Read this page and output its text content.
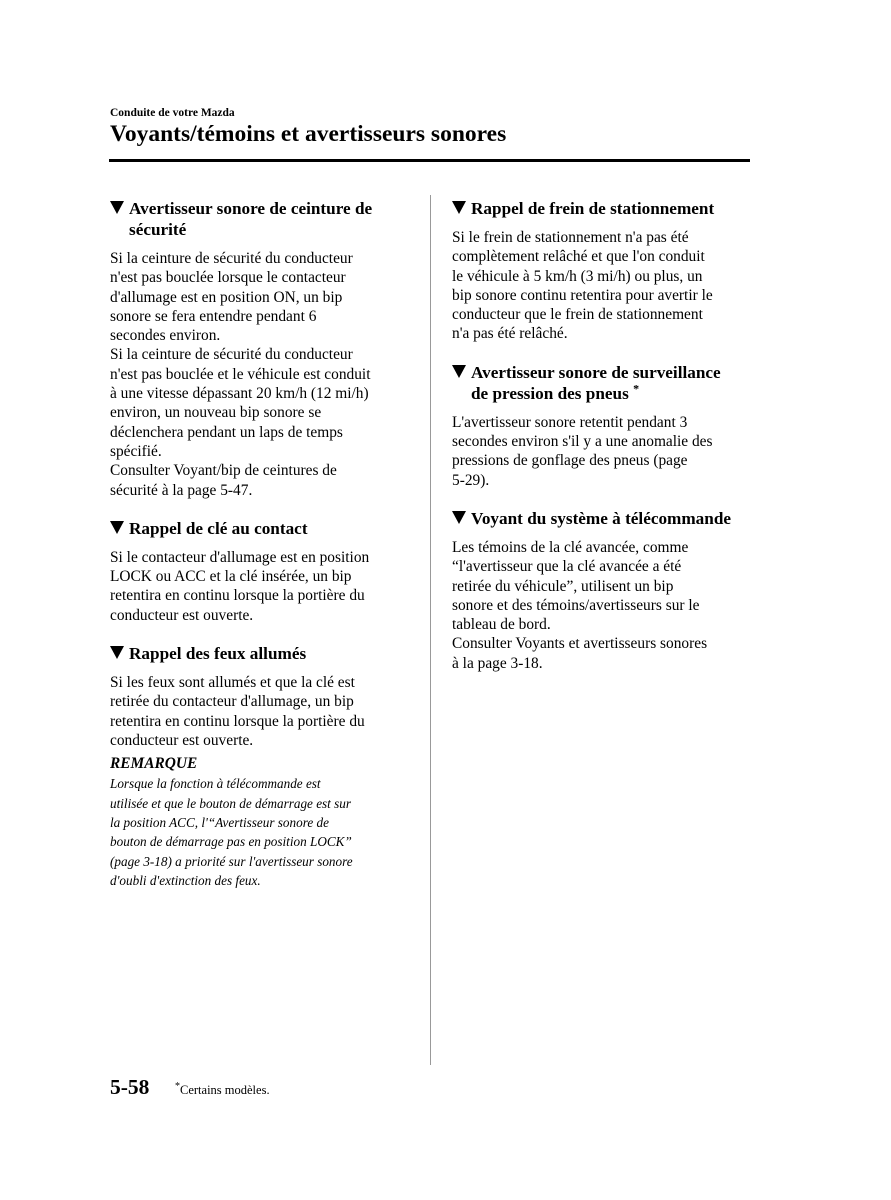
Conduite de votre Mazda

Voyants/témoins et avertisseurs sonores
Avertisseur sonore de ceinture de
sécurité

Si la ceinture de sécurité du conducteur
n'est pas bouclée lorsque le contacteur
d'allumage est en position ON, un bip
sonore se fera entendre pendant 6
secondes environ.
Si la ceinture de sécurité du conducteur
n'est pas bouclée et le véhicule est conduit
à une vitesse dépassant 20 km/h (12 mi/h)
environ, un nouveau bip sonore se
déclenchera pendant un laps de temps
spécifié.
Consulter Voyant/bip de ceintures de
sécurité à la page 5-47.

Rappel de clé au contact

Si le contacteur d'allumage est en position
LOCK ou ACC et la clé insérée, un bip
retentira en continu lorsque la portière du
conducteur est ouverte.

Rappel des feux allumés

Si les feux sont allumés et que la clé est
retirée du contacteur d'allumage, un bip
retentira en continu lorsque la portière du
conducteur est ouverte.

REMARQUE

Lorsque la fonction à télécommande est
utilisée et que le bouton de démarrage est sur
la position ACC, l'“Avertisseur sonore de
bouton de démarrage pas en position LOCK”
(page 3-18) a priorité sur l'avertisseur sonore
d'oubli d'extinction des feux.

Rappel de frein de stationnement

Si le frein de stationnement n'a pas été
complètement relâché et que l'on conduit
le véhicule à 5 km/h (3 mi/h) ou plus, un
bip sonore continu retentira pour avertir le
conducteur que le frein de stationnement
n'a pas été relâché.

Avertisseur sonore de surveillance
de pression des pneus *

L'avertisseur sonore retentit pendant 3
secondes environ s'il y a une anomalie des
pressions de gonflage des pneus (page
5-29).

Voyant du système à télécommande

Les témoins de la clé avancée, comme
“l'avertisseur que la clé avancée a été
retirée du véhicule”, utilisent un bip
sonore et des témoins/avertisseurs sur le
tableau de bord.
Consulter Voyants et avertisseurs sonores
à la page 3-18.

5-58	*Certains modèles.
